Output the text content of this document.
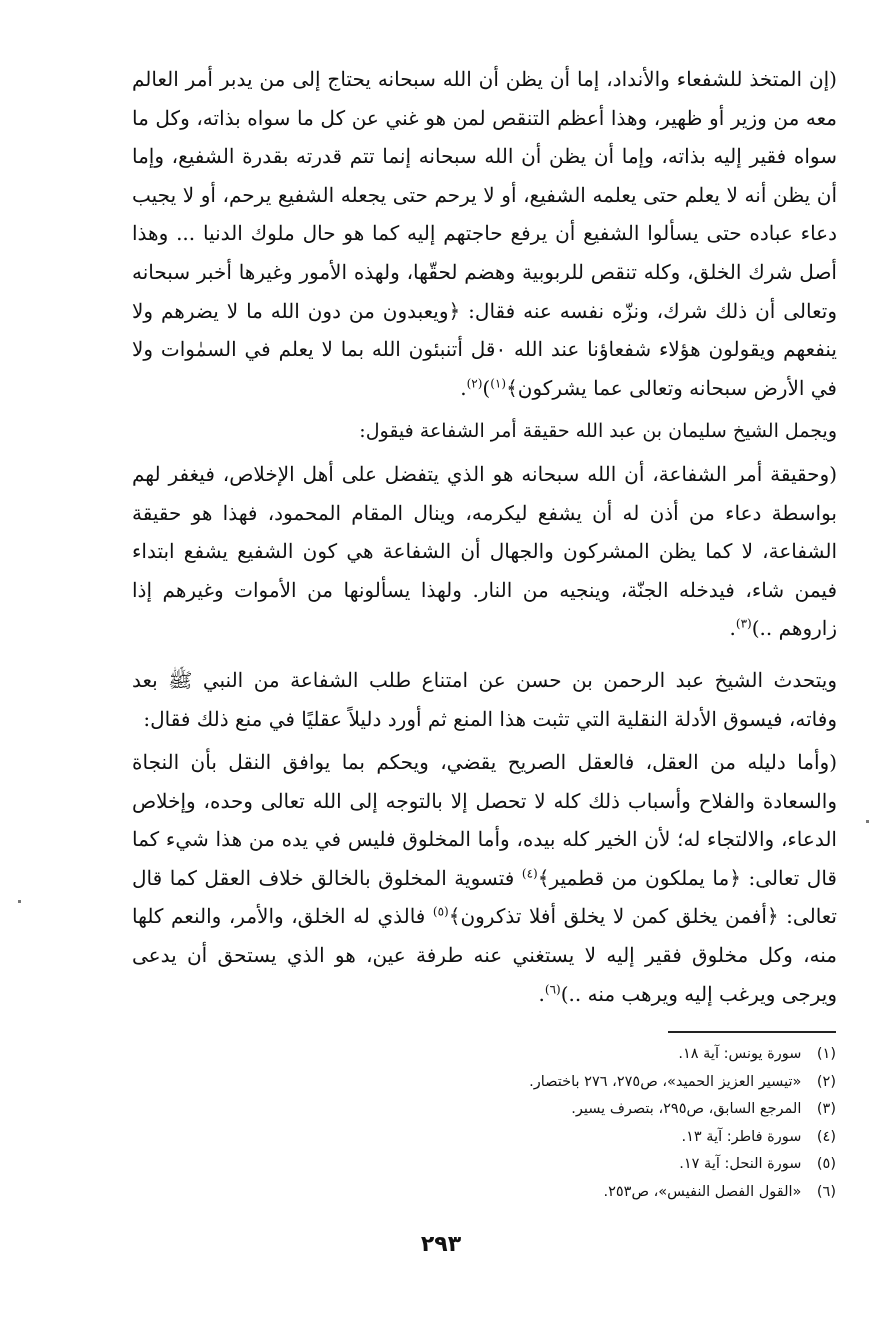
(إن المتخذ للشفعاء والأنداد، إما أن يظن أن الله سبحانه يحتاج إلى من يدبر أمر العالم معه من وزير أو ظهير، وهذا أعظم التنقص لمن هو غني عن كل ما سواه بذاته، وكل ما سواه فقير إليه بذاته، وإما أن يظن أن الله سبحانه إنما تتم قدرته بقدرة الشفيع، وإما أن يظن أنه لا يعلم حتى يعلمه الشفيع، أو لا يرحم حتى يجعله الشفيع يرحم، أو لا يجيب دعاء عباده حتى يسألوا الشفيع أن يرفع حاجتهم إليه كما هو حال ملوك الدنيا ... وهذا أصل شرك الخلق، وكله تنقص للربوبية وهضم لحقّها، ولهذه الأمور وغيرها أخبر سبحانه وتعالى أن ذلك شرك، ونزّه نفسه عنه فقال: ﴿ويعبدون من دون الله ما لا يضرهم ولا ينفعهم ويقولون هؤلاء شفعاؤنا عند الله ۰قل أتنبئون الله بما لا يعلم في السمٰوات ولا في الأرض سبحانه وتعالى عما يشركون﴾$^{(١)}$)$^{(٢)}$.

ويجمل الشيخ سليمان بن عبد الله حقيقة أمر الشفاعة فيقول:

(وحقيقة أمر الشفاعة، أن الله سبحانه هو الذي يتفضل على أهل الإخلاص، فيغفر لهم بواسطة دعاء من أذن له أن يشفع ليكرمه، وينال المقام المحمود، فهذا هو حقيقة الشفاعة، لا كما يظن المشركون والجهال أن الشفاعة هي كون الشفيع يشفع ابتداء فيمن شاء، فيدخله الجنّة، وينجيه من النار. ولهذا يسألونها من الأموات وغيرهم إذا زاروهم ..)$^{(٣)}$.

ويتحدث الشيخ عبد الرحمن بن حسن عن امتناع طلب الشفاعة من النبي ﷺ بعد وفاته، فيسوق الأدلة النقلية التي تثبت هذا المنع ثم أورد دليلاً عقليًا في منع ذلك فقال:

(وأما دليله من العقل، فالعقل الصريح يقضي، ويحكم بما يوافق النقل بأن النجاة والسعادة والفلاح وأسباب ذلك كله لا تحصل إلا بالتوجه إلى الله تعالى وحده، وإخلاص الدعاء، والالتجاء له؛ لأن الخير كله بيده، وأما المخلوق فليس في يده من هذا شيء كما قال تعالى: ﴿ما يملكون من قطمير﴾$^{(٤)}$ فتسوية المخلوق بالخالق خلاف العقل كما قال تعالى: ﴿أفمن يخلق كمن لا يخلق أفلا تذكرون﴾$^{(٥)}$ فالذي له الخلق، والأمر، والنعم كلها منه، وكل مخلوق فقير إليه لا يستغني عنه طرفة عين، هو الذي يستحق أن يدعى ويرجى ويرغب إليه ويرهب منه ..)$^{(٦)}$.

(١) سورة يونس: آية ١٨.
(٢) «تيسير العزيز الحميد»، ص٢٧٥، ٢٧٦ باختصار.
(٣) المرجع السابق، ص٢٩٥، بتصرف يسير.
(٤) سورة فاطر: آية ١٣.
(٥) سورة النحل: آية ١٧.
(٦) «القول الفصل النفيس»، ص٢٥٣.
٢٩٣
